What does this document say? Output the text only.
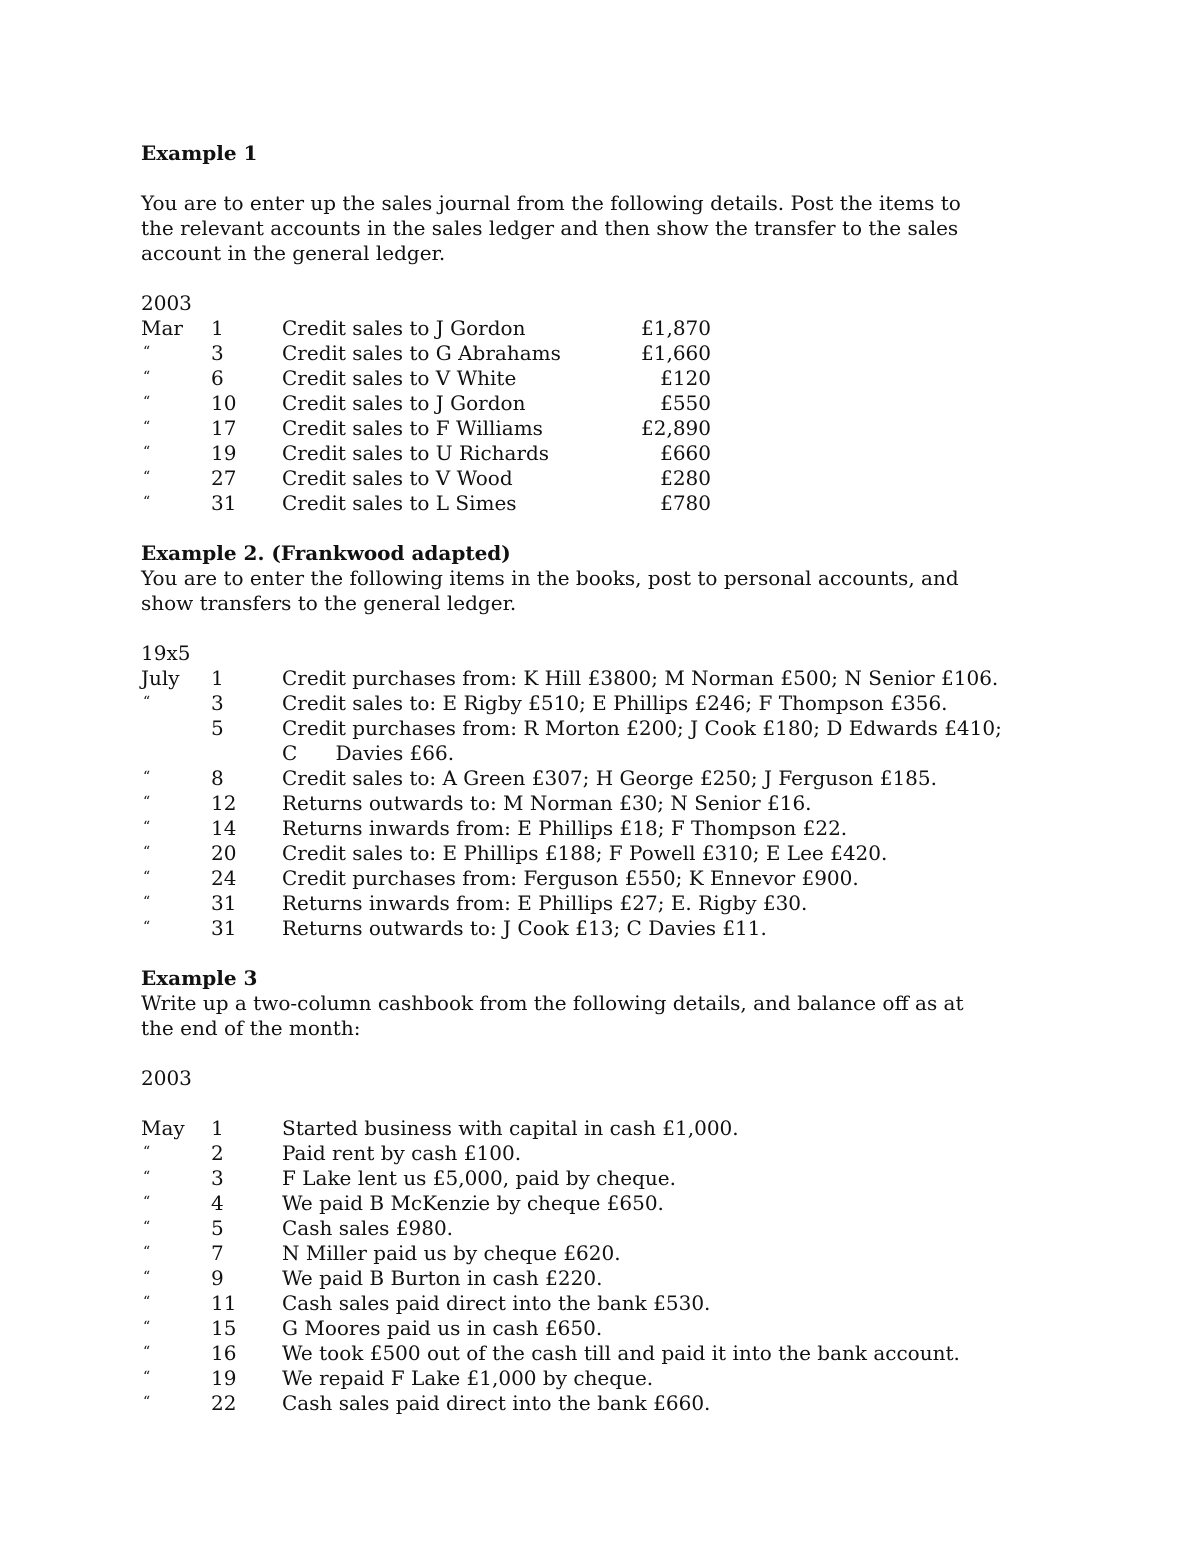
Example 1
You are to enter up the sales journal from the following details. Post the items to
the relevant accounts in the sales ledger and then show the transfer to the sales
account in the general ledger.
2003
Mar 1	Credit sales to J Gordon	£1,870
“	3	Credit sales to G Abrahams	£1,660
“	6	Credit sales to V White	£120
“	10 Credit sales to J Gordon	£550
“	17 Credit sales to F Williams	£2,890
“	19 Credit sales to U Richards	£660
“	27 Credit sales to V Wood	£280
“	31 Credit sales to L Simes	£780
Example 2. (Frankwood adapted)
You are to enter the following items in the books, post to personal accounts, and
show transfers to the general ledger.
19x5
July 1	Credit purchases from: K Hill £3800; M Norman £500; N Senior £106.
“	3	Credit sales to: E Rigby £510; E Phillips £246; F Thompson £356.
5	Credit purchases from: R Morton £200; J Cook £180; D Edwards £410;
C      Davies £66.
“	8	Credit sales to: A Green £307; H George £250; J Ferguson £185.
“	12 Returns outwards to: M Norman £30; N Senior £16.
“	14 Returns inwards from: E Phillips £18; F Thompson £22.
“	20 Credit sales to: E Phillips £188; F Powell £310; E Lee £420.
“	24 Credit purchases from: Ferguson £550; K Ennevor £900.
“	31 Returns inwards from: E Phillips £27; E. Rigby £30.
“	31 Returns outwards to: J Cook £13; C Davies £11.
Example 3
Write up a two-column cashbook from the following details, and balance off as at
the end of the month:
2003
May 1	Started business with capital in cash £1,000.
“	2	Paid rent by cash £100.
“	3	F Lake lent us £5,000, paid by cheque.
“	4	We paid B McKenzie by cheque £650.
“	5	Cash sales £980.
“	7	N Miller paid us by cheque £620.
“	9	We paid B Burton in cash £220.
“	11 Cash sales paid direct into the bank £530.
“	15 G Moores paid us in cash £650.
“	16 We took £500 out of the cash till and paid it into the bank account.
“	19 We repaid F Lake £1,000 by cheque.
“	22 Cash sales paid direct into the bank £660.
